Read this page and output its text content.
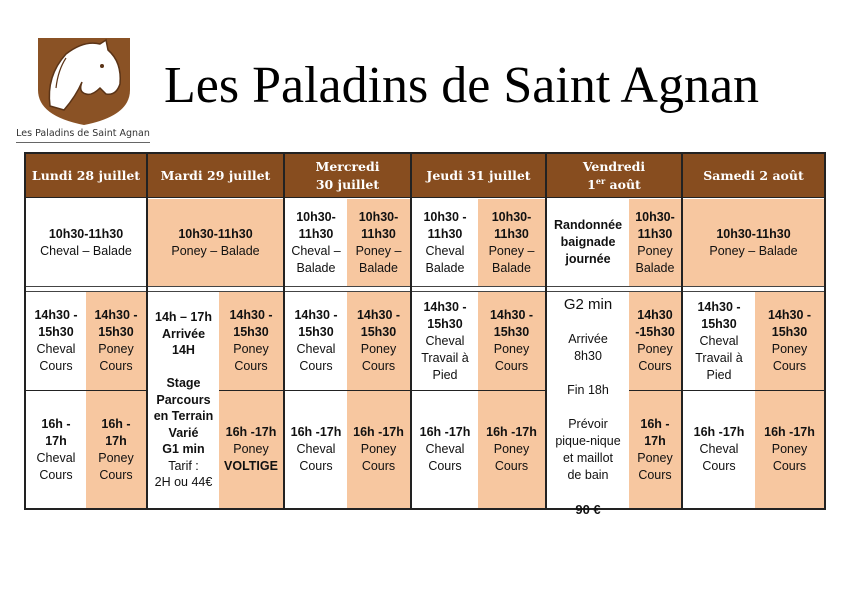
Les Paladins de Saint Agnan
Les Paladins de Saint Agnan
Lundi 28 juillet Mardi 29 juillet
Mercredi
30 juillet
Jeudi 31 juillet
Vendredi
1er août
Samedi 2 août
10h30-11h30
Cheval – Balade
10h30-11h30
Poney – Balade
10h30-
11h30
Cheval –
Balade
10h30-
11h30
Poney –
Balade
10h30 -
11h30
Cheval
Balade
10h30-
11h30
Poney –
Balade
Randonnée
baignade
journée
10h30-
11h30
Poney
Balade
10h30-11h30
Poney – Balade
14h30 -
15h30
Cheval
Cours
14h30 -
15h30
Poney
Cours
14h – 17h
Arrivée
14H

Stage
Parcours
en Terrain
Varié
G1 min
Tarif :
2H ou 44€
14h30 -
15h30
Poney
Cours
14h30 -
15h30
Cheval
Cours
14h30 -
15h30
Poney
Cours
14h30 -
15h30
Cheval
Travail à
Pied
14h30 -
15h30
Poney
Cours
G2 min

Arrivée
8h30

Fin 18h

Prévoir
pique-nique
et maillot
de bain

90 €
14h30
-15h30
Poney
Cours
14h30 -
15h30
Cheval
Travail à
Pied
14h30 -
15h30
Poney
Cours
16h -
17h
Cheval
Cours
16h -
17h
Poney
Cours
16h -17h
Poney
VOLTIGE
16h -17h
Cheval
Cours
16h -17h
Poney
Cours
16h -17h
Cheval
Cours
16h -17h
Poney
Cours
16h -
17h
Poney
Cours
16h -17h
Cheval
Cours
16h -17h
Poney
Cours
